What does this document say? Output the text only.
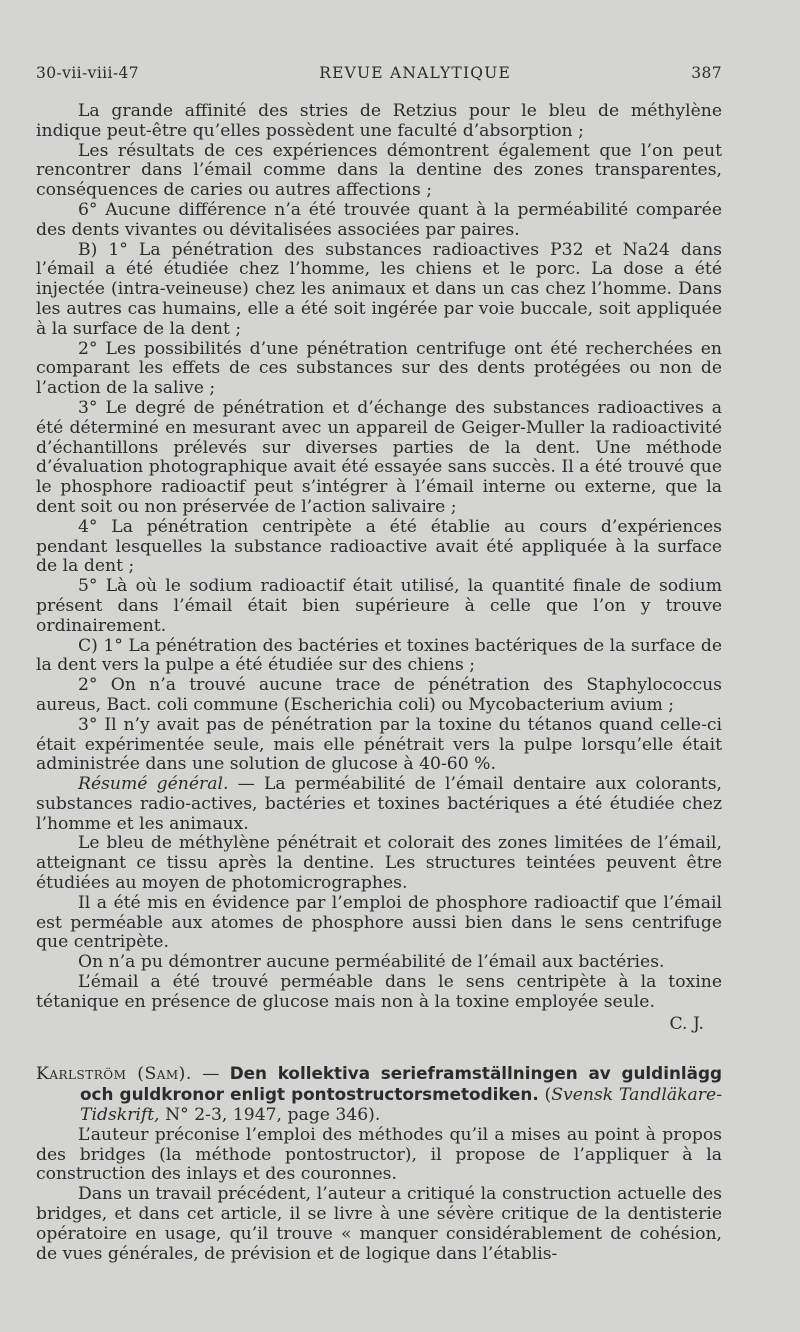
30-vii-viii-47	REVUE ANALYTIQUE	387

La grande affinité des stries de Retzius pour le bleu de méthylène indique peut-être qu’elles possèdent une faculté d’absorption ;

Les résultats de ces expériences démontrent également que l’on peut rencontrer dans l’émail comme dans la dentine des zones transparentes, conséquences de caries ou autres affections ;

6° Aucune différence n’a été trouvée quant à la perméabilité comparée des dents vivantes ou dévitalisées associées par paires.

B) 1° La pénétration des substances radioactives P32 et Na24 dans l’émail a été étudiée chez l’homme, les chiens et le porc. La dose a été injectée (intra-veineuse) chez les animaux et dans un cas chez l’homme. Dans les autres cas humains, elle a été soit ingérée par voie buccale, soit appliquée à la surface de la dent ;

2° Les possibilités d’une pénétration centrifuge ont été recherchées en comparant les effets de ces substances sur des dents protégées ou non de l’action de la salive ;

3° Le degré de pénétration et d’échange des substances radioactives a été déterminé en mesurant avec un appareil de Geiger-Muller la radioactivité d’échantillons prélevés sur diverses parties de la dent. Une méthode d’évaluation photographique avait été essayée sans succès. Il a été trouvé que le phosphore radioactif peut s’intégrer à l’émail interne ou externe, que la dent soit ou non préservée de l’action salivaire ;

4° La pénétration centripète a été établie au cours d’expériences pendant lesquelles la substance radioactive avait été appliquée à la surface de la dent ;

5° Là où le sodium radioactif était utilisé, la quantité finale de sodium présent dans l’émail était bien supérieure à celle que l’on y trouve ordinairement.

C) 1° La pénétration des bactéries et toxines bactériques de la surface de la dent vers la pulpe a été étudiée sur des chiens ;

2° On n’a trouvé aucune trace de pénétration des Staphylococcus aureus, Bact. coli commune (Escherichia coli) ou Mycobacterium avium ;

3° Il n’y avait pas de pénétration par la toxine du tétanos quand celle-ci était expérimentée seule, mais elle pénétrait vers la pulpe lorsqu’elle était administrée dans une solution de glucose à 40-60 %.

Résumé général. — La perméabilité de l’émail dentaire aux colorants, substances radio-actives, bactéries et toxines bactériques a été étudiée chez l’homme et les animaux.

Le bleu de méthylène pénétrait et colorait des zones limitées de l’émail, atteignant ce tissu après la dentine. Les structures teintées peuvent être étudiées au moyen de photomicrographes.

Il a été mis en évidence par l’emploi de phosphore radioactif que l’émail est perméable aux atomes de phosphore aussi bien dans le sens centrifuge que centripète.

On n’a pu démontrer aucune perméabilité de l’émail aux bactéries.

L’émail a été trouvé perméable dans le sens centripète à la toxine tétanique en présence de glucose mais non à la toxine employée seule.

C. J.

Karlström (Sam). — Den kollektiva serieframställningen av guldinlägg och guldkronor enligt pontostructorsmetodiken. (Svensk Tandläkare-Tidskrift, N° 2-3, 1947, page 346).

L’auteur préconise l’emploi des méthodes qu’il a mises au point à propos des bridges (la méthode pontostructor), il propose de l’appliquer à la construction des inlays et des couronnes.

Dans un travail précédent, l’auteur a critiqué la construction actuelle des bridges, et dans cet article, il se livre à une sévère critique de la dentisterie opératoire en usage, qu’il trouve « manquer considérablement de cohésion, de vues générales, de prévision et de logique dans l’établis-
